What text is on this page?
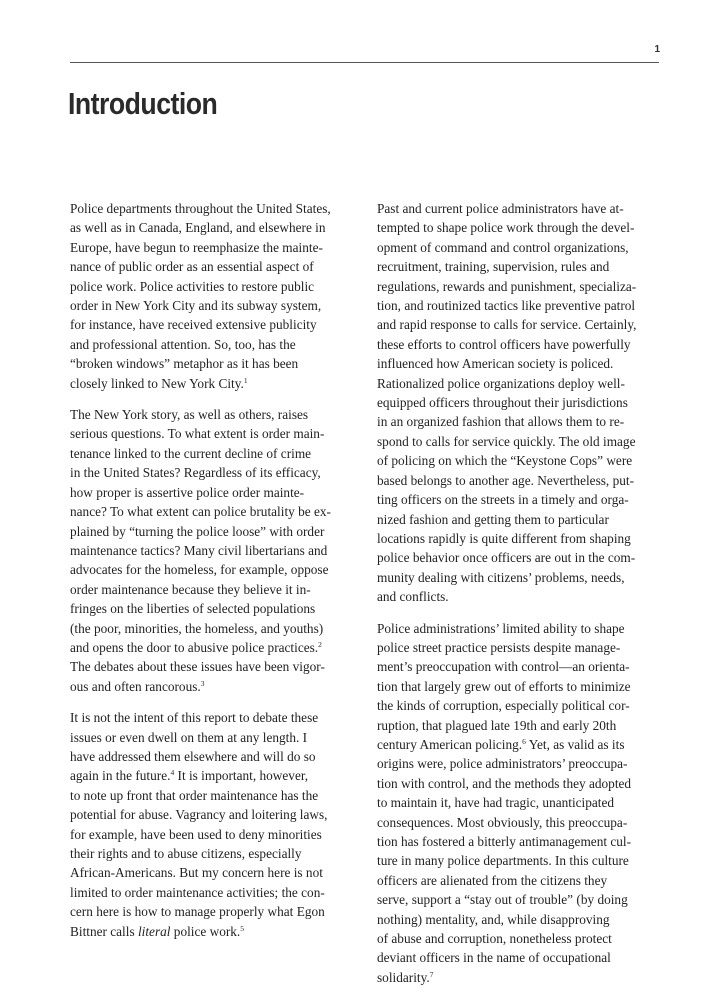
1
Introduction

Police departments throughout the United States,
as well as in Canada, England, and elsewhere in
Europe, have begun to reemphasize the mainte-
nance of public order as an essential aspect of
police work. Police activities to restore public
order in New York City and its subway system,
for instance, have received extensive publicity
and professional attention. So, too, has the
“broken windows” metaphor as it has been
closely linked to New York City.$^1$

The New York story, as well as others, raises
serious questions. To what extent is order main-
tenance linked to the current decline of crime
in the United States? Regardless of its efficacy,
how proper is assertive police order mainte-
nance? To what extent can police brutality be ex-
plained by “turning the police loose” with order
maintenance tactics? Many civil libertarians and
advocates for the homeless, for example, oppose
order maintenance because they believe it in-
fringes on the liberties of selected populations
(the poor, minorities, the homeless, and youths)
and opens the door to abusive police practices.$^2$
The debates about these issues have been vigor-
ous and often rancorous.$^3$

It is not the intent of this report to debate these
issues or even dwell on them at any length. I
have addressed them elsewhere and will do so
again in the future.$^4$ It is important, however,
to note up front that order maintenance has the
potential for abuse. Vagrancy and loitering laws,
for example, have been used to deny minorities
their rights and to abuse citizens, especially
African-Americans. But my concern here is not
limited to order maintenance activities; the con-
cern here is how to manage properly what Egon
Bittner calls literal police work.$^5$

Past and current police administrators have at-
tempted to shape police work through the devel-
opment of command and control organizations,
recruitment, training, supervision, rules and
regulations, rewards and punishment, specializa-
tion, and routinized tactics like preventive patrol
and rapid response to calls for service. Certainly,
these efforts to control officers have powerfully
influenced how American society is policed.
Rationalized police organizations deploy well-
equipped officers throughout their jurisdictions
in an organized fashion that allows them to re-
spond to calls for service quickly. The old image
of policing on which the “Keystone Cops” were
based belongs to another age. Nevertheless, put-
ting officers on the streets in a timely and orga-
nized fashion and getting them to particular
locations rapidly is quite different from shaping
police behavior once officers are out in the com-
munity dealing with citizens’ problems, needs,
and conflicts.

Police administrations’ limited ability to shape
police street practice persists despite manage-
ment’s preoccupation with control—an orienta-
tion that largely grew out of efforts to minimize
the kinds of corruption, especially political cor-
ruption, that plagued late 19th and early 20th
century American policing.$^6$ Yet, as valid as its
origins were, police administrators’ preoccupa-
tion with control, and the methods they adopted
to maintain it, have had tragic, unanticipated
consequences. Most obviously, this preoccupa-
tion has fostered a bitterly antimanagement cul-
ture in many police departments. In this culture
officers are alienated from the citizens they
serve, support a “stay out of trouble” (by doing
nothing) mentality, and, while disapproving
of abuse and corruption, nonetheless protect
deviant officers in the name of occupational
solidarity.$^7$
